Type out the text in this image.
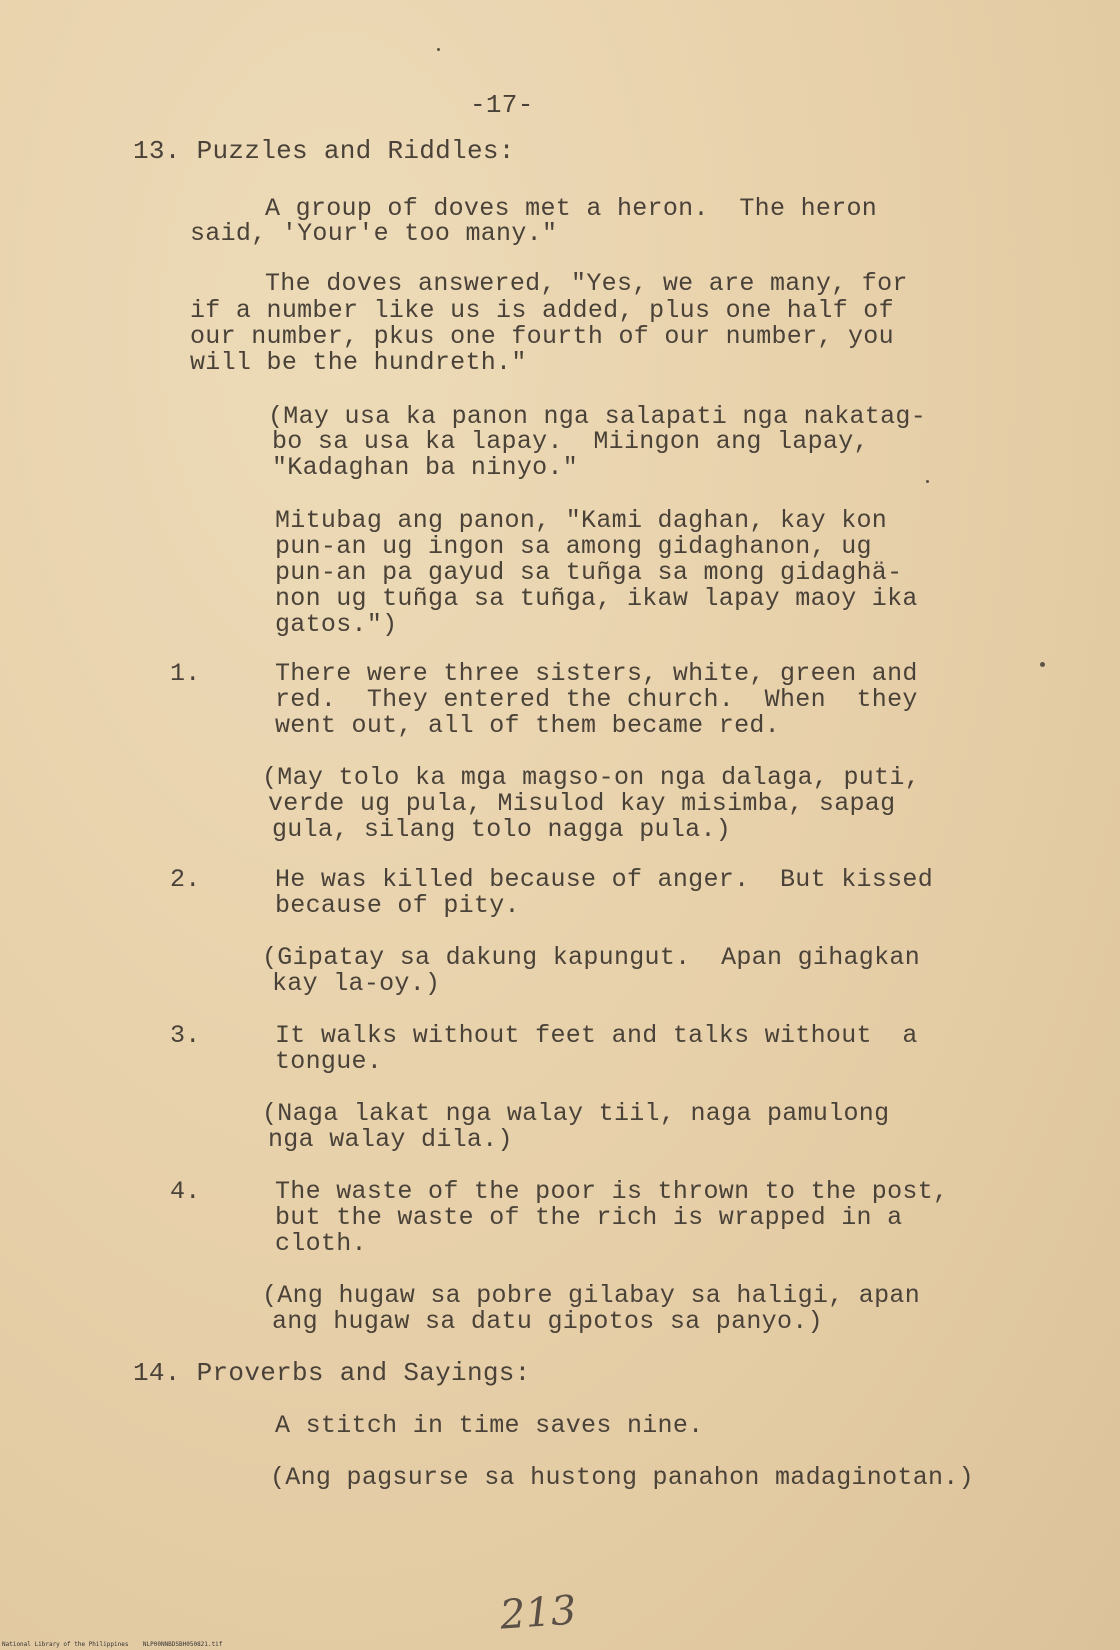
-17-
13. Puzzles and Riddles:
A group of doves met a heron.  The heron
said, 'Your'e too many."
The doves answered, "Yes, we are many, for
if a number like us is added, plus one half of
our number, pkus one fourth of our number, you
will be the hundreth."
(May usa ka panon nga salapati nga nakatag-
bo sa usa ka lapay.  Miingon ang lapay,
"Kadaghan ba ninyo."
Mitubag ang panon, "Kami daghan, kay kon
pun-an ug ingon sa among gidaghanon, ug
pun-an pa gayud sa tuñga sa mong gidaghä-
non ug tuñga sa tuñga, ikaw lapay maoy ika
gatos.")
1.	There were three sisters, white, green and
red.  They entered the church.  When  they
went out, all of them became red.
(May tolo ka mga magso-on nga dalaga, puti,
verde ug pula, Misulod kay misimba, sapag
gula, silang tolo nagga pula.)
2.	He was killed because of anger.  But kissed
because of pity.
(Gipatay sa dakung kapungut.  Apan gihagkan
kay la-oy.)
3.	It walks without feet and talks without  a
tongue.
(Naga lakat nga walay tiil, naga pamulong
nga walay dila.)
4.	The waste of the poor is thrown to the post,
but the waste of the rich is wrapped in a
cloth.
(Ang hugaw sa pobre gilabay sa haligi, apan
ang hugaw sa datu gipotos sa panyo.)
14. Proverbs and Sayings:
A stitch in time saves nine.
(Ang pagsurse sa hustong panahon madaginotan.)
213
National Library of the Philippines    NLP00NNBDSBH050821.tif
